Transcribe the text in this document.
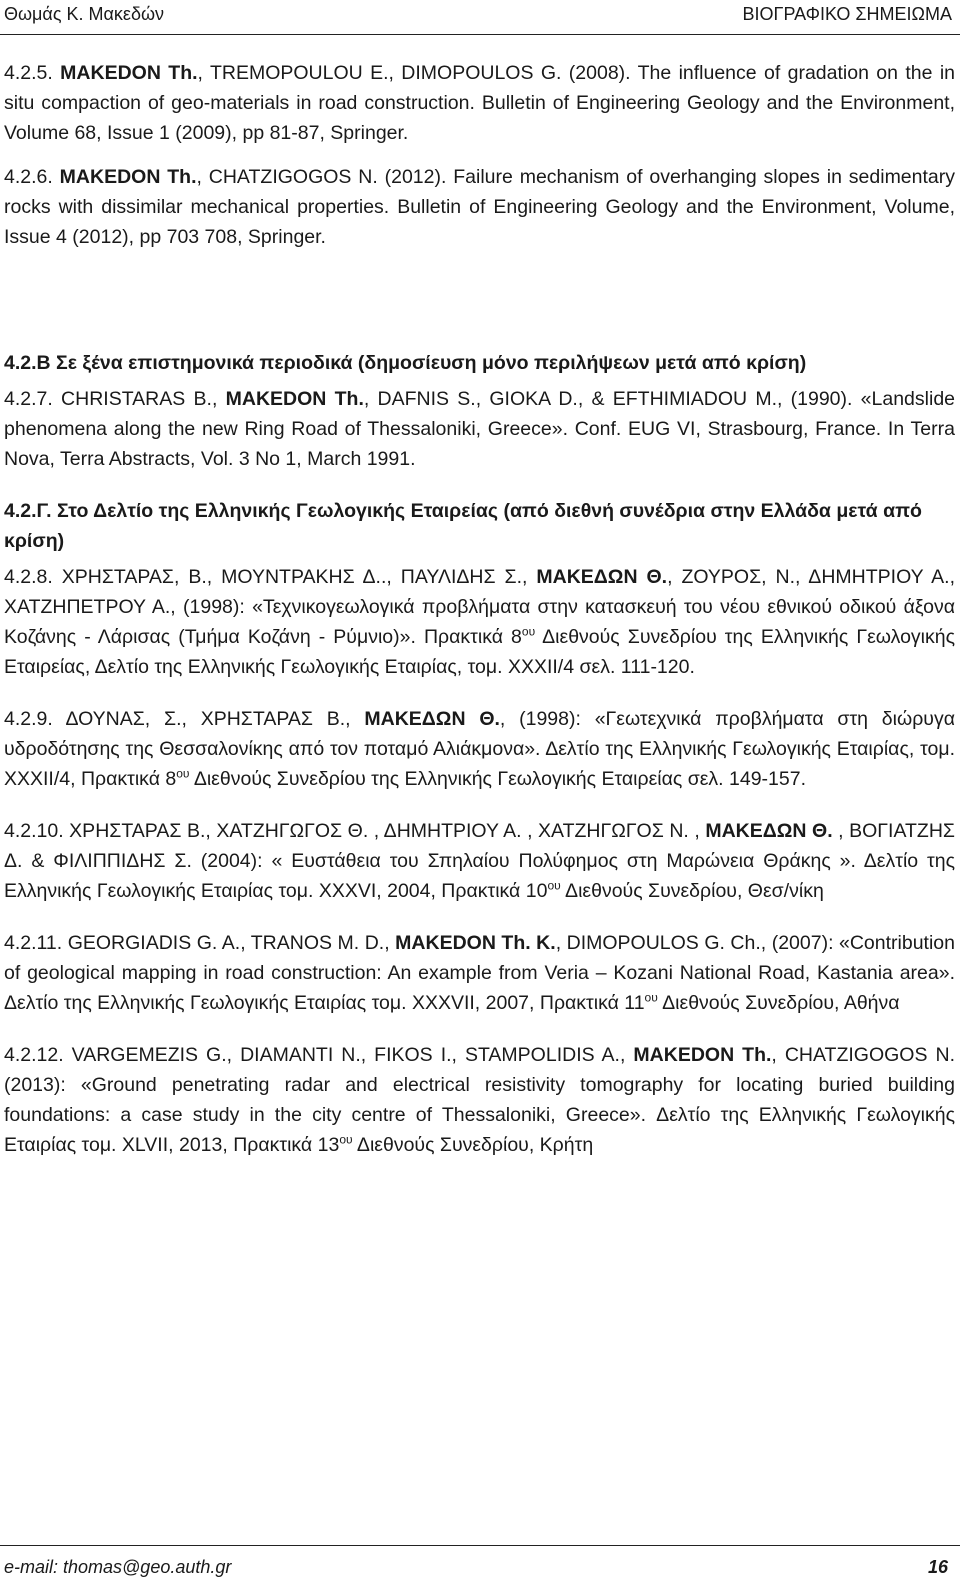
Θωμάς Κ. Μακεδών	ΒΙΟΓΡΑΦΙΚΟ ΣΗΜΕΙΩΜΑ
4.2.5. MAKEDON Th., TREMOPOULOU E., DIMOPOULOS G. (2008). The influence of gradation on the in situ compaction of geo-materials in road construction. Bulletin of Engineering Geology and the Environment, Volume 68, Issue 1 (2009), pp 81-87, Springer.
4.2.6. MAKEDON Th., CHATZIGOGOS N. (2012). Failure mechanism of overhanging slopes in sedimentary rocks with dissimilar mechanical properties. Bulletin of Engineering Geology and the Environment, Volume, Issue 4 (2012), pp 703 708, Springer.
4.2.Β Σε ξένα επιστημονικά περιοδικά (δημοσίευση μόνο περιλήψεων μετά από κρίση)
4.2.7. CHRISTARAS B., MAKEDON Th., DAFNIS S., GIOKA D., & EFTHIMIADOU M., (1990). «Landslide phenomena along the new Ring Road of Thessaloniki, Greece». Conf. EUG VI, Strasbourg, France. In Terra Nova, Terra Abstracts, Vol. 3 No 1, March 1991.
4.2.Γ. Στο Δελτίο της Ελληνικής Γεωλογικής Εταιρείας (από διεθνή συνέδρια στην Ελλάδα μετά από κρίση)
4.2.8. ΧΡΗΣΤΑΡΑΣ, Β., ΜΟΥΝΤΡΑΚΗΣ Δ.., ΠΑΥΛΙΔΗΣ Σ., ΜΑΚΕΔΩΝ Θ., ΖΟΥΡΟΣ, Ν., ΔΗΜΗΤΡΙΟΥ Α., ΧΑΤΖΗΠΕΤΡΟΥ Α., (1998): «Τεχνικογεωλογικά προβλήματα στην κατασκευή του νέου εθνικού οδικού άξονα Κοζάνης - Λάρισας (Τμήμα Κοζάνη - Ρύμνιο)». Πρακτικά $8^{o\upsilon}$ Διεθνούς Συνεδρίου της Ελληνικής Γεωλογικής Εταιρείας, Δελτίο της Ελληνικής Γεωλογικής Εταιρίας, τομ. XXXII/4 σελ. 111-120.
4.2.9. ΔΟΥΝΑΣ, Σ., ΧΡΗΣΤΑΡΑΣ Β., ΜΑΚΕΔΩΝ Θ., (1998): «Γεωτεχνικά προβλήματα στη διώρυγα υδροδότησης της Θεσσαλονίκης από τον ποταμό Αλιάκμονα». Δελτίο της Ελληνικής Γεωλογικής Εταιρίας, τομ. XXXII/4, Πρακτικά $8^{o\upsilon}$ Διεθνούς Συνεδρίου της Ελληνικής Γεωλογικής Εταιρείας σελ. 149-157.
4.2.10. ΧΡΗΣΤΑΡΑΣ Β., ΧΑΤΖΗΓΩΓΟΣ Θ. , ΔΗΜΗΤΡΙΟΥ Α. , ΧΑΤΖΗΓΩΓΟΣ Ν. , ΜΑΚΕΔΩΝ Θ. , ΒΟΓΙΑΤΖΗΣ Δ. & ΦΙΛΙΠΠΙΔΗΣ Σ. (2004): « Ευστάθεια του Σπηλαίου Πολύφημος στη Μαρώνεια Θράκης ». Δελτίο της Ελληνικής Γεωλογικής Εταιρίας τομ. XXXVI, 2004, Πρακτικά $10^{o\upsilon}$ Διεθνούς Συνεδρίου, Θεσ/νίκη
4.2.11. GEORGIADIS G. A., TRANOS M. D., MAKEDON Th. K., DIMOPOULOS G. Ch., (2007): «Contribution of geological mapping in road construction: An example from Veria – Kozani National Road, Kastania area». Δελτίο της Ελληνικής Γεωλογικής Εταιρίας τομ. XXXVII, 2007, Πρακτικά $11^{o\upsilon}$ Διεθνούς Συνεδρίου, Αθήνα
4.2.12. VARGEMEZIS G., DIAMANTI N., FIKOS I., STAMPOLIDIS A., MAKEDON Th., CHATZIGOGOS N. (2013): «Ground penetrating radar and electrical resistivity tomography for locating buried building foundations: a case study in the city centre of Thessaloniki, Greece». Δελτίο της Ελληνικής Γεωλογικής Εταιρίας τομ. XLVII, 2013, Πρακτικά $13^{o\upsilon}$ Διεθνούς Συνεδρίου, Κρήτη
e-mail: thomas@geo.auth.gr	16
